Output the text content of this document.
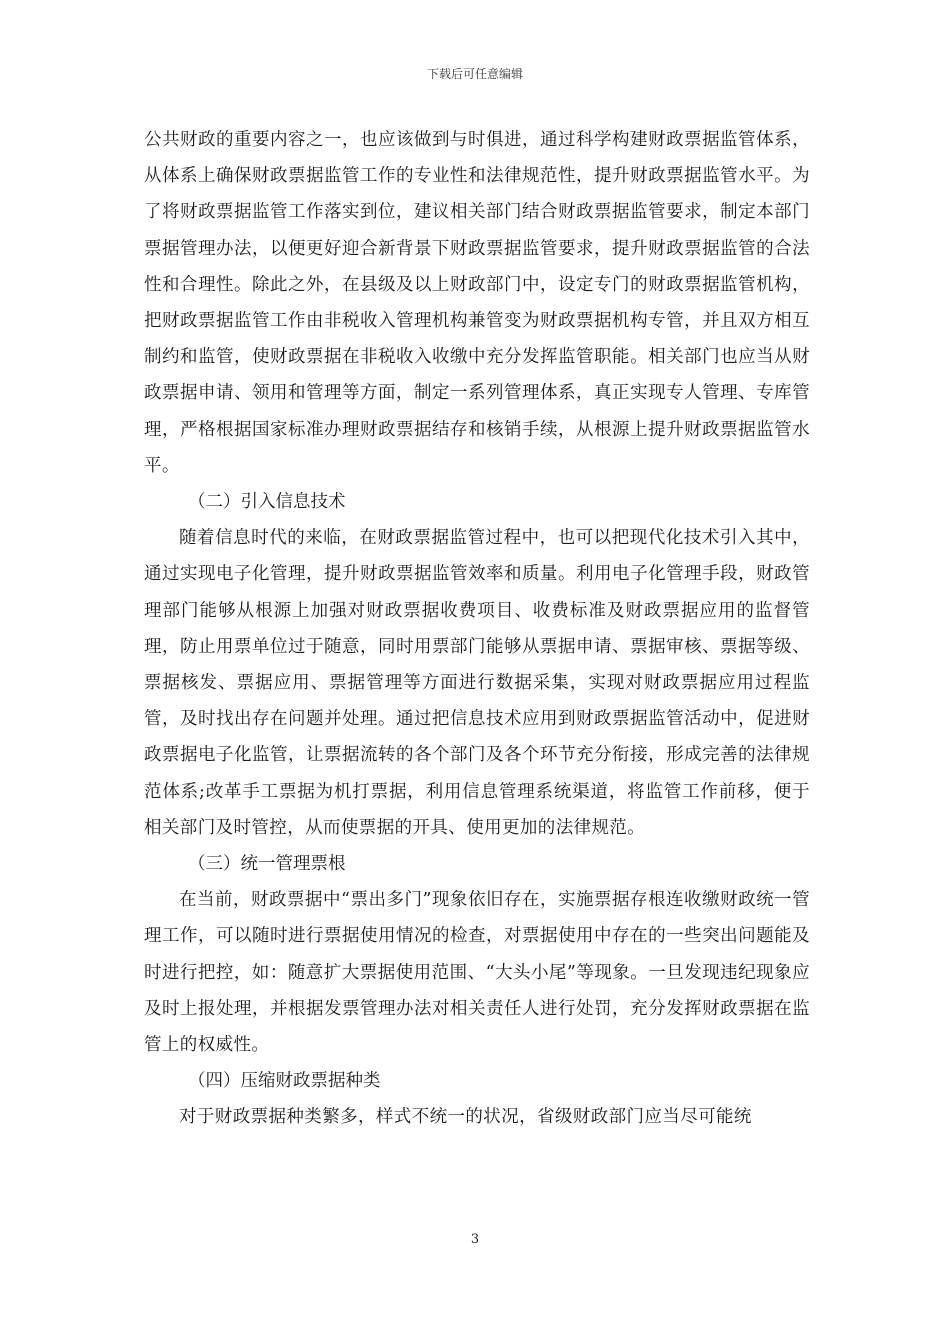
下载后可任意编辑

公共财政的重要内容之一，也应该做到与时俱进，通过科学构建财政票据监管体系，从体系上确保财政票据监管工作的专业性和法律规范性，提升财政票据监管水平。为了将财政票据监管工作落实到位，建议相关部门结合财政票据监管要求，制定本部门票据管理办法，以便更好迎合新背景下财政票据监管要求，提升财政票据监管的合法性和合理性。除此之外，在县级及以上财政部门中，设定专门的财政票据监管机构，把财政票据监管工作由非税收入管理机构兼管变为财政票据机构专管，并且双方相互制约和监管，使财政票据在非税收入收缴中充分发挥监管职能。相关部门也应当从财政票据申请、领用和管理等方面，制定一系列管理体系，真正实现专人管理、专库管理，严格根据国家标准办理财政票据结存和核销手续，从根源上提升财政票据监管水平。

（二）引入信息技术

随着信息时代的来临，在财政票据监管过程中，也可以把现代化技术引入其中，通过实现电子化管理，提升财政票据监管效率和质量。利用电子化管理手段，财政管理部门能够从根源上加强对财政票据收费项目、收费标准及财政票据应用的监督管理，防止用票单位过于随意，同时用票部门能够从票据申请、票据审核、票据等级、票据核发、票据应用、票据管理等方面进行数据采集，实现对财政票据应用过程监管，及时找出存在问题并处理。通过把信息技术应用到财政票据监管活动中，促进财政票据电子化监管，让票据流转的各个部门及各个环节充分衔接，形成完善的法律规范体系;改革手工票据为机打票据，利用信息管理系统渠道，将监管工作前移，便于相关部门及时管控，从而使票据的开具、使用更加的法律规范。

（三）统一管理票根

在当前，财政票据中“票出多门”现象依旧存在，实施票据存根连收缴财政统一管理工作，可以随时进行票据使用情况的检查，对票据使用中存在的一些突出问题能及时进行把控，如：随意扩大票据使用范围、“大头小尾”等现象。一旦发现违纪现象应及时上报处理，并根据发票管理办法对相关责任人进行处罚，充分发挥财政票据在监管上的权威性。

（四）压缩财政票据种类

对于财政票据种类繁多，样式不统一的状况，省级财政部门应当尽可能统

3
